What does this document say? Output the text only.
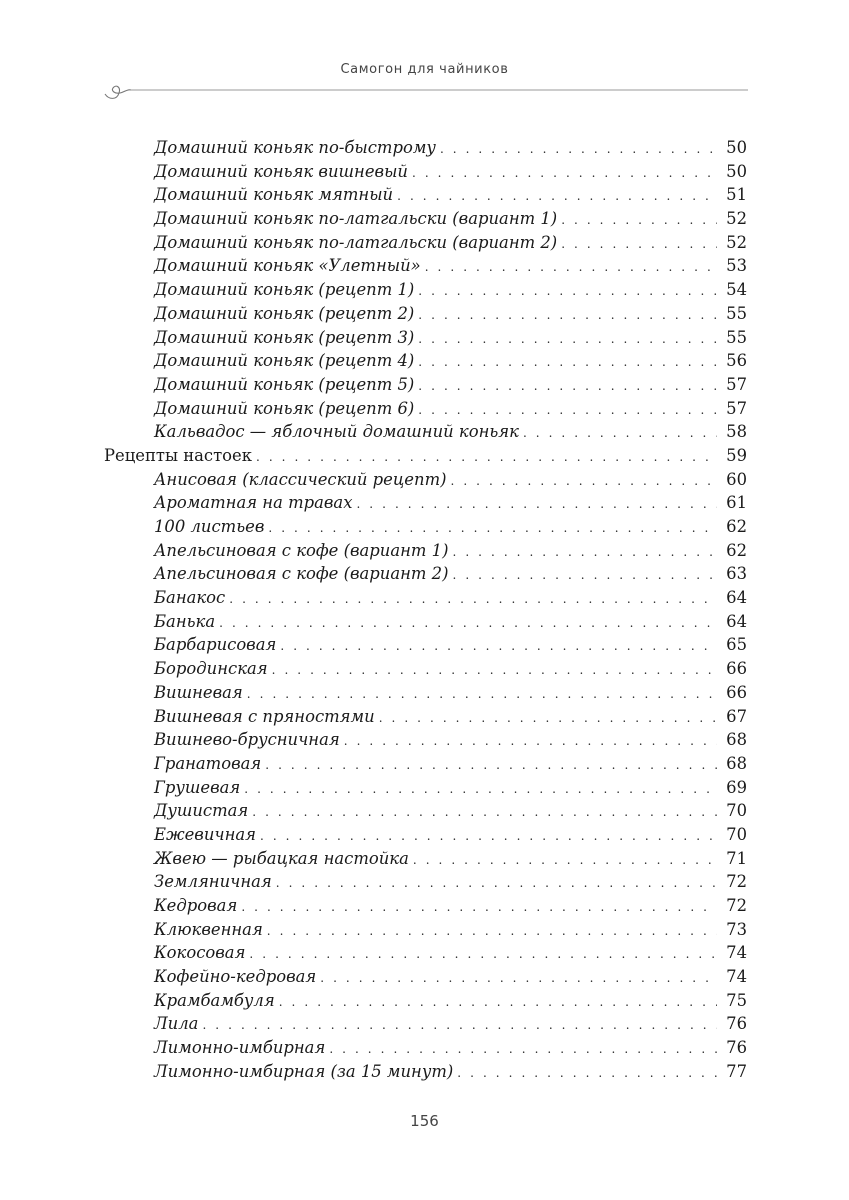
Самогон для чайников
Домашний коньяк по-быстрому . . .	50
Домашний коньяк вишневый . . .	50
Домашний коньяк мятный . . .	51
Домашний коньяк по-латгальски (вариант 1) . . .	52
Домашний коньяк по-латгальски (вариант 2) . . .	52
Домашний коньяк «Улетный» . . .	53
Домашний коньяк (рецепт 1) . . .	54
Домашний коньяк (рецепт 2) . . .	55
Домашний коньяк (рецепт 3) . . .	55
Домашний коньяк (рецепт 4) . . .	56
Домашний коньяк (рецепт 5) . . .	57
Домашний коньяк (рецепт 6) . . .	57
Кальвадос — яблочный домашний коньяк . . .	58
Рецепты настоек . . .	59
Анисовая (классический рецепт) . . .	60
Ароматная на травах . . .	61
100 листьев . . .	62
Апельсиновая с кофе (вариант 1) . . .	62
Апельсиновая с кофе (вариант 2) . . .	63
Банакос . . .	64
Банька . . .	64
Барбарисовая . . .	65
Бородинская . . .	66
Вишневая . . .	66
Вишневая с пряностями . . .	67
Вишнево-брусничная . . .	68
Гранатовая . . .	68
Грушевая . . .	69
Душистая . . .	70
Ежевичная . . .	70
Жвею — рыбацкая настойка . . .	71
Земляничная . . .	72
Кедровая . . .	72
Клюквенная . . .	73
Кокосовая . . .	74
Кофейно-кедровая . . .	74
Крамбамбуля . . .	75
Лила . . .	76
Лимонно-имбирная . . .	76
Лимонно-имбирная (за 15 минут) . . .	77
156
